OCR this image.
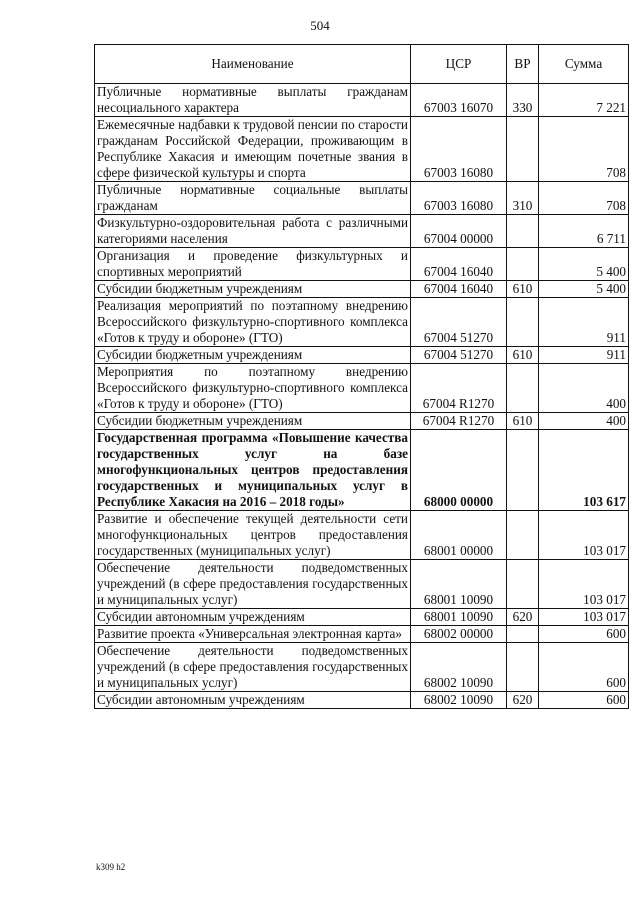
504
Наименование	ЦСР	ВР	Сумма
Публичные нормативные выплаты гражданам несоциального характера	67003 16070	330	7 221
Ежемесячные надбавки к трудовой пенсии по старости гражданам Российской Федерации, проживающим в Республике Хакасия и имеющим почетные звания в сфере физической культуры и спорта	67003 16080		708
Публичные нормативные социальные выплаты гражданам	67003 16080	310	708
Физкультурно-оздоровительная работа с различными категориями населения	67004 00000		6 711
Организация и проведение физкультурных и спортивных мероприятий	67004 16040		5 400
Субсидии бюджетным учреждениям	67004 16040	610	5 400
Реализация мероприятий по поэтапному внедрению Всероссийского физкультурно-спортивного комплекса «Готов к труду и обороне» (ГТО)	67004 51270		911
Субсидии бюджетным учреждениям	67004 51270	610	911
Мероприятия по поэтапному внедрению Всероссийского физкультурно-спортивного комплекса «Готов к труду и обороне» (ГТО)	67004 R1270		400
Субсидии бюджетным учреждениям	67004 R1270	610	400
Государственная программа «Повышение качества государственных услуг на базе многофункциональных центров предоставления государственных и муниципальных услуг в Республике Хакасия на 2016 – 2018 годы»	68000 00000		103 617
Развитие и обеспечение текущей деятельности сети многофункциональных центров предоставления государственных (муниципальных услуг)	68001 00000		103 017
Обеспечение деятельности подведомственных учреждений (в сфере предоставления государственных и муниципальных услуг)	68001 10090		103 017
Субсидии автономным учреждениям	68001 10090	620	103 017
Развитие проекта «Универсальная электронная карта»	68002 00000		600
Обеспечение деятельности подведомственных учреждений (в сфере предоставления государственных и муниципальных услуг)	68002 10090		600
Субсидии автономным учреждениям	68002 10090	620	600
k309 h2
